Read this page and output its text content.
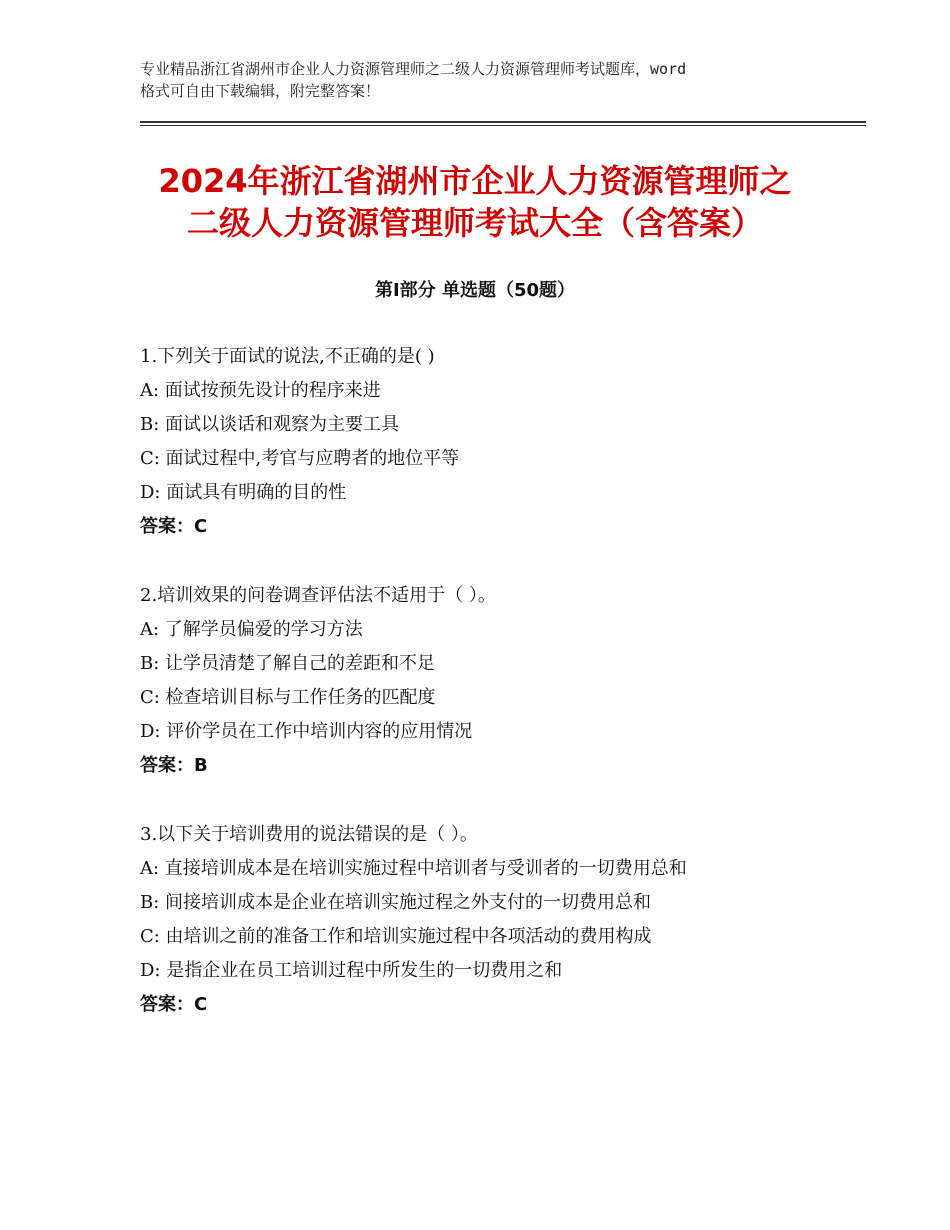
专业精品浙江省湖州市企业人力资源管理师之二级人力资源管理师考试题库，word
格式可自由下载编辑，附完整答案！
2024年浙江省湖州市企业人力资源管理师之
二级人力资源管理师考试大全（含答案）
第Ⅰ部分 单选题（50题）
1.下列关于面试的说法,不正确的是( )
A: 面试按预先设计的程序来进
B: 面试以谈话和观察为主要工具
C: 面试过程中,考官与应聘者的地位平等
D: 面试具有明确的目的性
答案：C
2.培训效果的问卷调查评估法不适用于（ ）。
A: 了解学员偏爱的学习方法
B: 让学员清楚了解自己的差距和不足
C: 检查培训目标与工作任务的匹配度
D: 评价学员在工作中培训内容的应用情况
答案：B
3.以下关于培训费用的说法错误的是（ ）。
A: 直接培训成本是在培训实施过程中培训者与受训者的一切费用总和
B: 间接培训成本是企业在培训实施过程之外支付的一切费用总和
C: 由培训之前的准备工作和培训实施过程中各项活动的费用构成
D: 是指企业在员工培训过程中所发生的一切费用之和
答案：C
